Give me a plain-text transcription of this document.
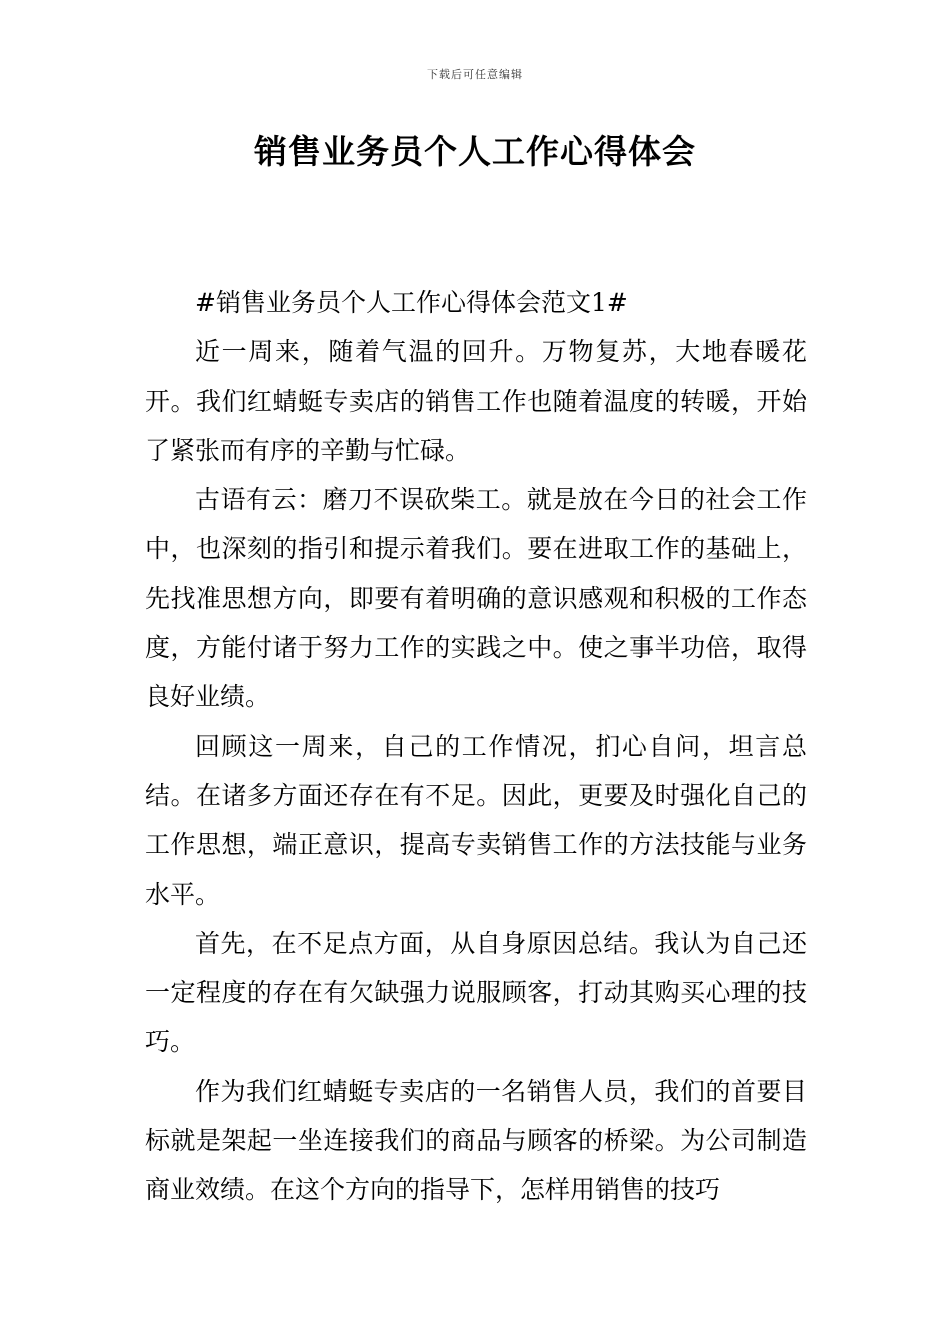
下载后可任意编辑
销售业务员个人工作心得体会

#销售业务员个人工作心得体会范文1#

近一周来，随着气温的回升。万物复苏，大地春暖花开。我们红蜻蜓专卖店的销售工作也随着温度的转暖，开始了紧张而有序的辛勤与忙碌。

古语有云：磨刀不误砍柴工。就是放在今日的社会工作中，也深刻的指引和提示着我们。要在进取工作的基础上，先找准思想方向，即要有着明确的意识感观和积极的工作态度，方能付诸于努力工作的实践之中。使之事半功倍，取得良好业绩。

回顾这一周来，自己的工作情况，扪心自问，坦言总结。在诸多方面还存在有不足。因此，更要及时强化自己的工作思想，端正意识，提高专卖销售工作的方法技能与业务水平。

首先，在不足点方面，从自身原因总结。我认为自己还一定程度的存在有欠缺强力说服顾客，打动其购买心理的技巧。

作为我们红蜻蜓专卖店的一名销售人员，我们的首要目标就是架起一坐连接我们的商品与顾客的桥梁。为公司制造商业效绩。在这个方向的指导下，怎样用销售的技巧
